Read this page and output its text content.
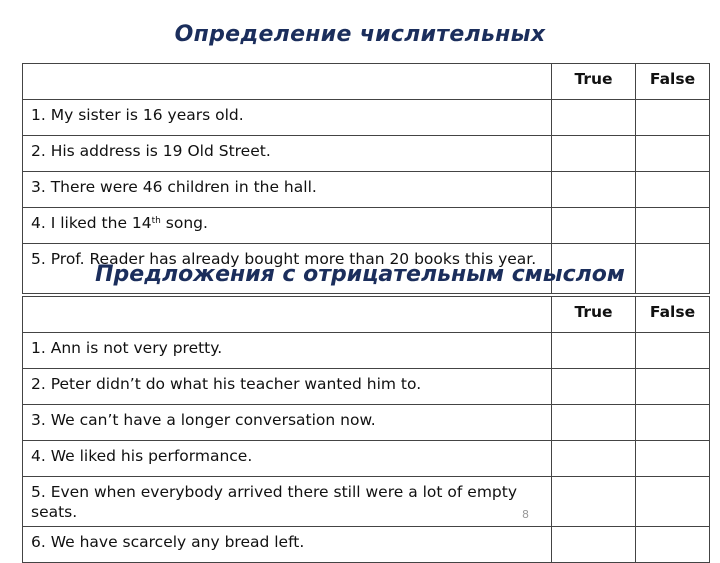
Определение числительных
	True	False
1. My sister is 16 years old.		
2. His address is 19 Old Street.		
3. There were 46 children in the hall.		
4. I liked the 14th song.		
5. Prof. Reader has already bought more than 20 books this year.		
Предложения с отрицательным смыслом
	True	False
1. Ann is not very pretty.		
2. Peter didn’t do what his teacher wanted him to.		
3. We can’t have a longer conversation now.		
4. We liked his performance.		
5. Even when everybody arrived there still were a lot of empty seats.		
6. We have scarcely any bread left.		
8
